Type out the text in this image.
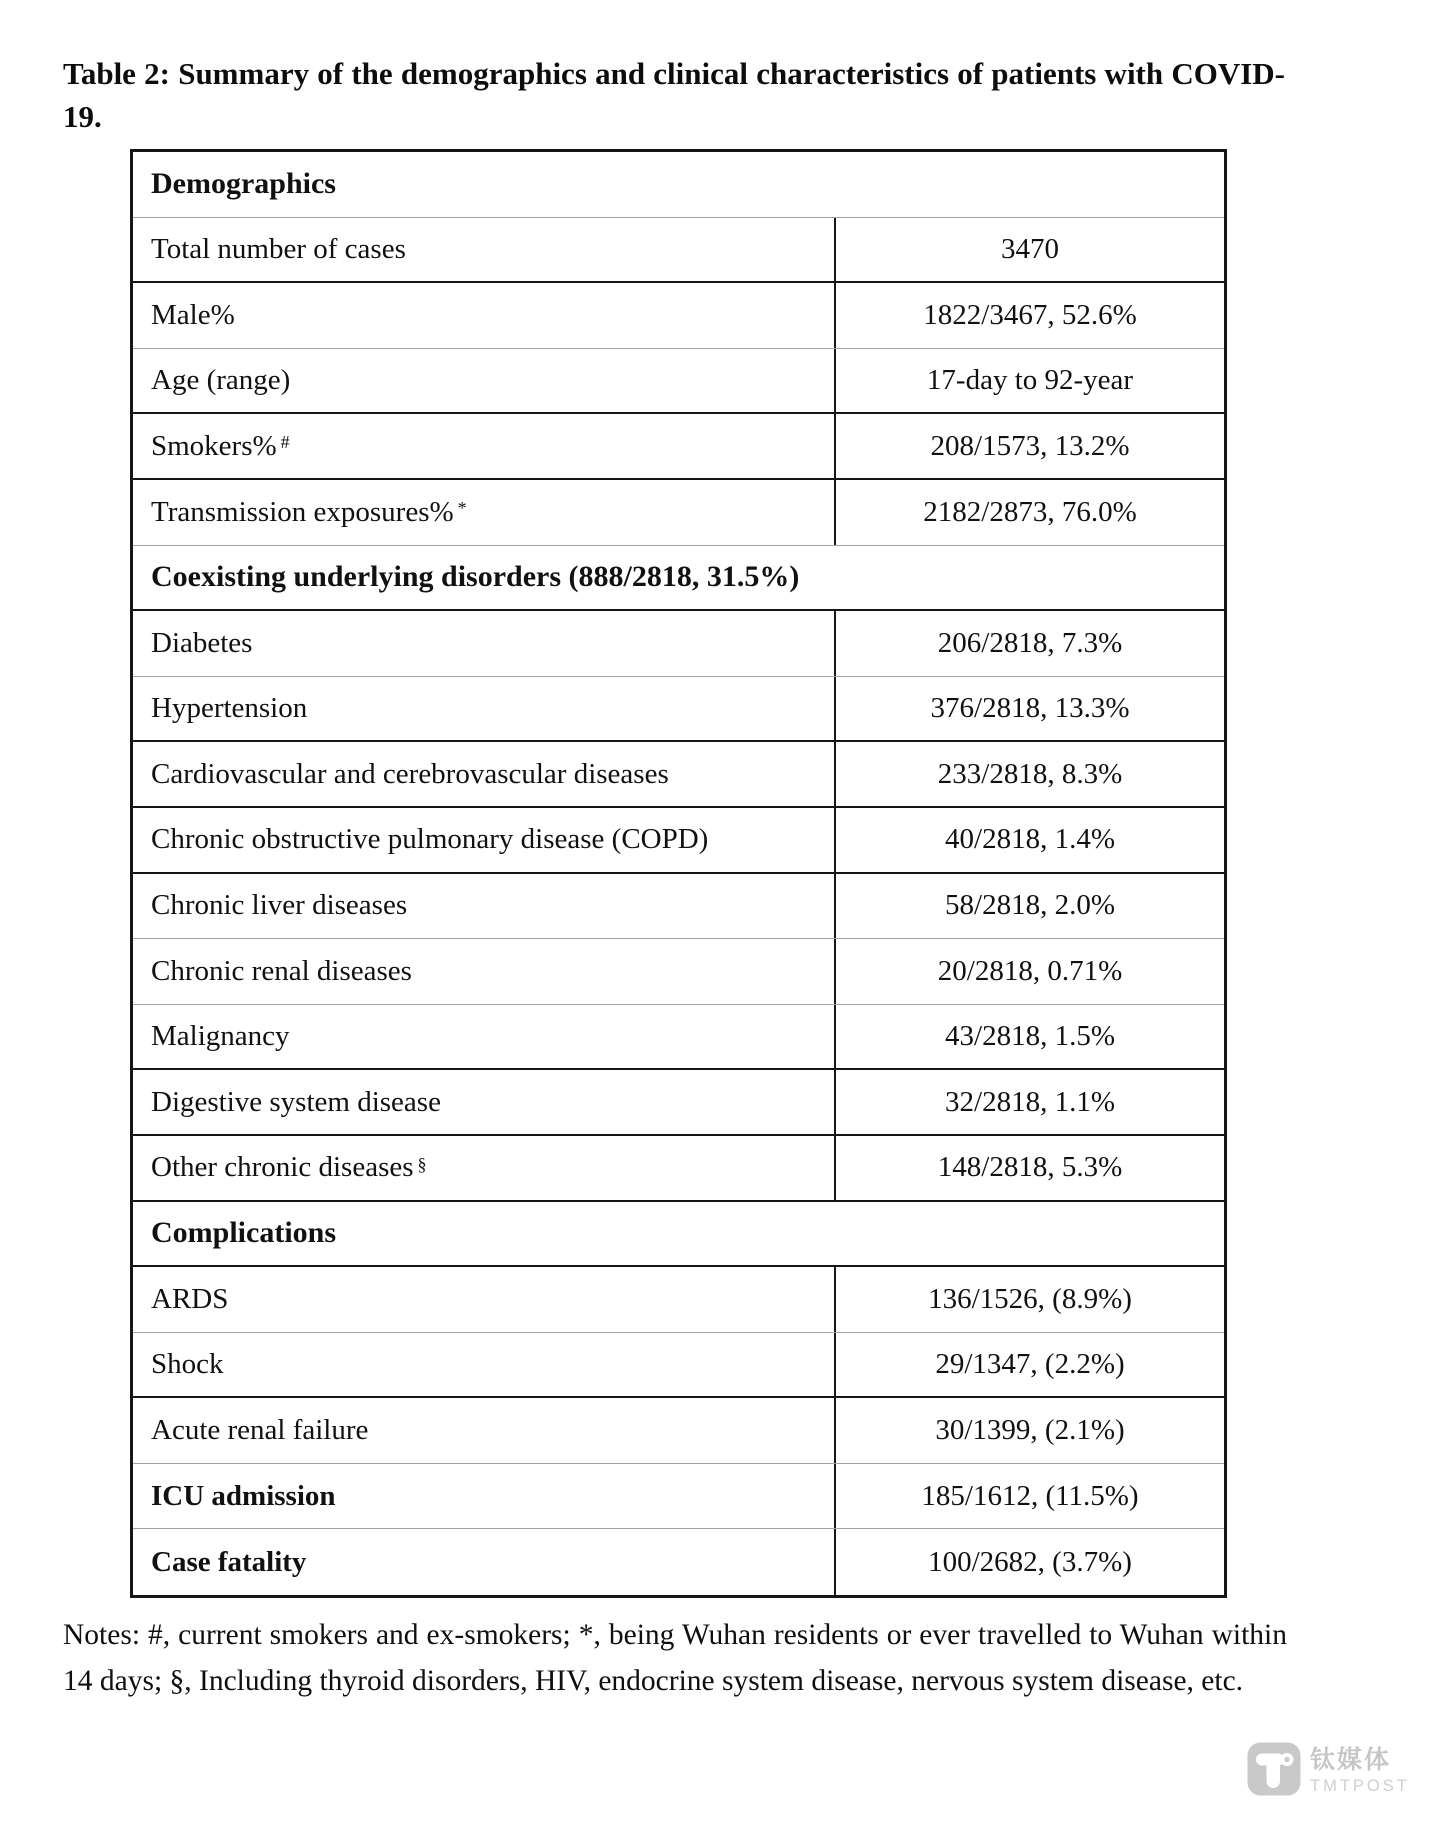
Table 2: Summary of the demographics and clinical characteristics of patients with COVID-19.
Demographics
Total number of cases	3470
Male%	1822/3467, 52.6%
Age (range)	17-day to 92-year
Smokers%#	208/1573, 13.2%
Transmission exposures%*	2182/2873, 76.0%
Coexisting underlying disorders (888/2818, 31.5%)
Diabetes	206/2818, 7.3%
Hypertension	376/2818, 13.3%
Cardiovascular and cerebrovascular diseases	233/2818, 8.3%
Chronic obstructive pulmonary disease (COPD)	40/2818, 1.4%
Chronic liver diseases	58/2818, 2.0%
Chronic renal diseases	20/2818, 0.71%
Malignancy	43/2818, 1.5%
Digestive system disease	32/2818, 1.1%
Other chronic diseases§	148/2818, 5.3%
Complications
ARDS	136/1526, (8.9%)
Shock	29/1347, (2.2%)
Acute renal failure	30/1399, (2.1%)
ICU admission	185/1612, (11.5%)
Case fatality	100/2682, (3.7%)
Notes: #, current smokers and ex-smokers; *, being Wuhan residents or ever travelled to Wuhan within 14 days; §, Including thyroid disorders, HIV, endocrine system disease, nervous system disease, etc.
钛媒体
TMTPOST
